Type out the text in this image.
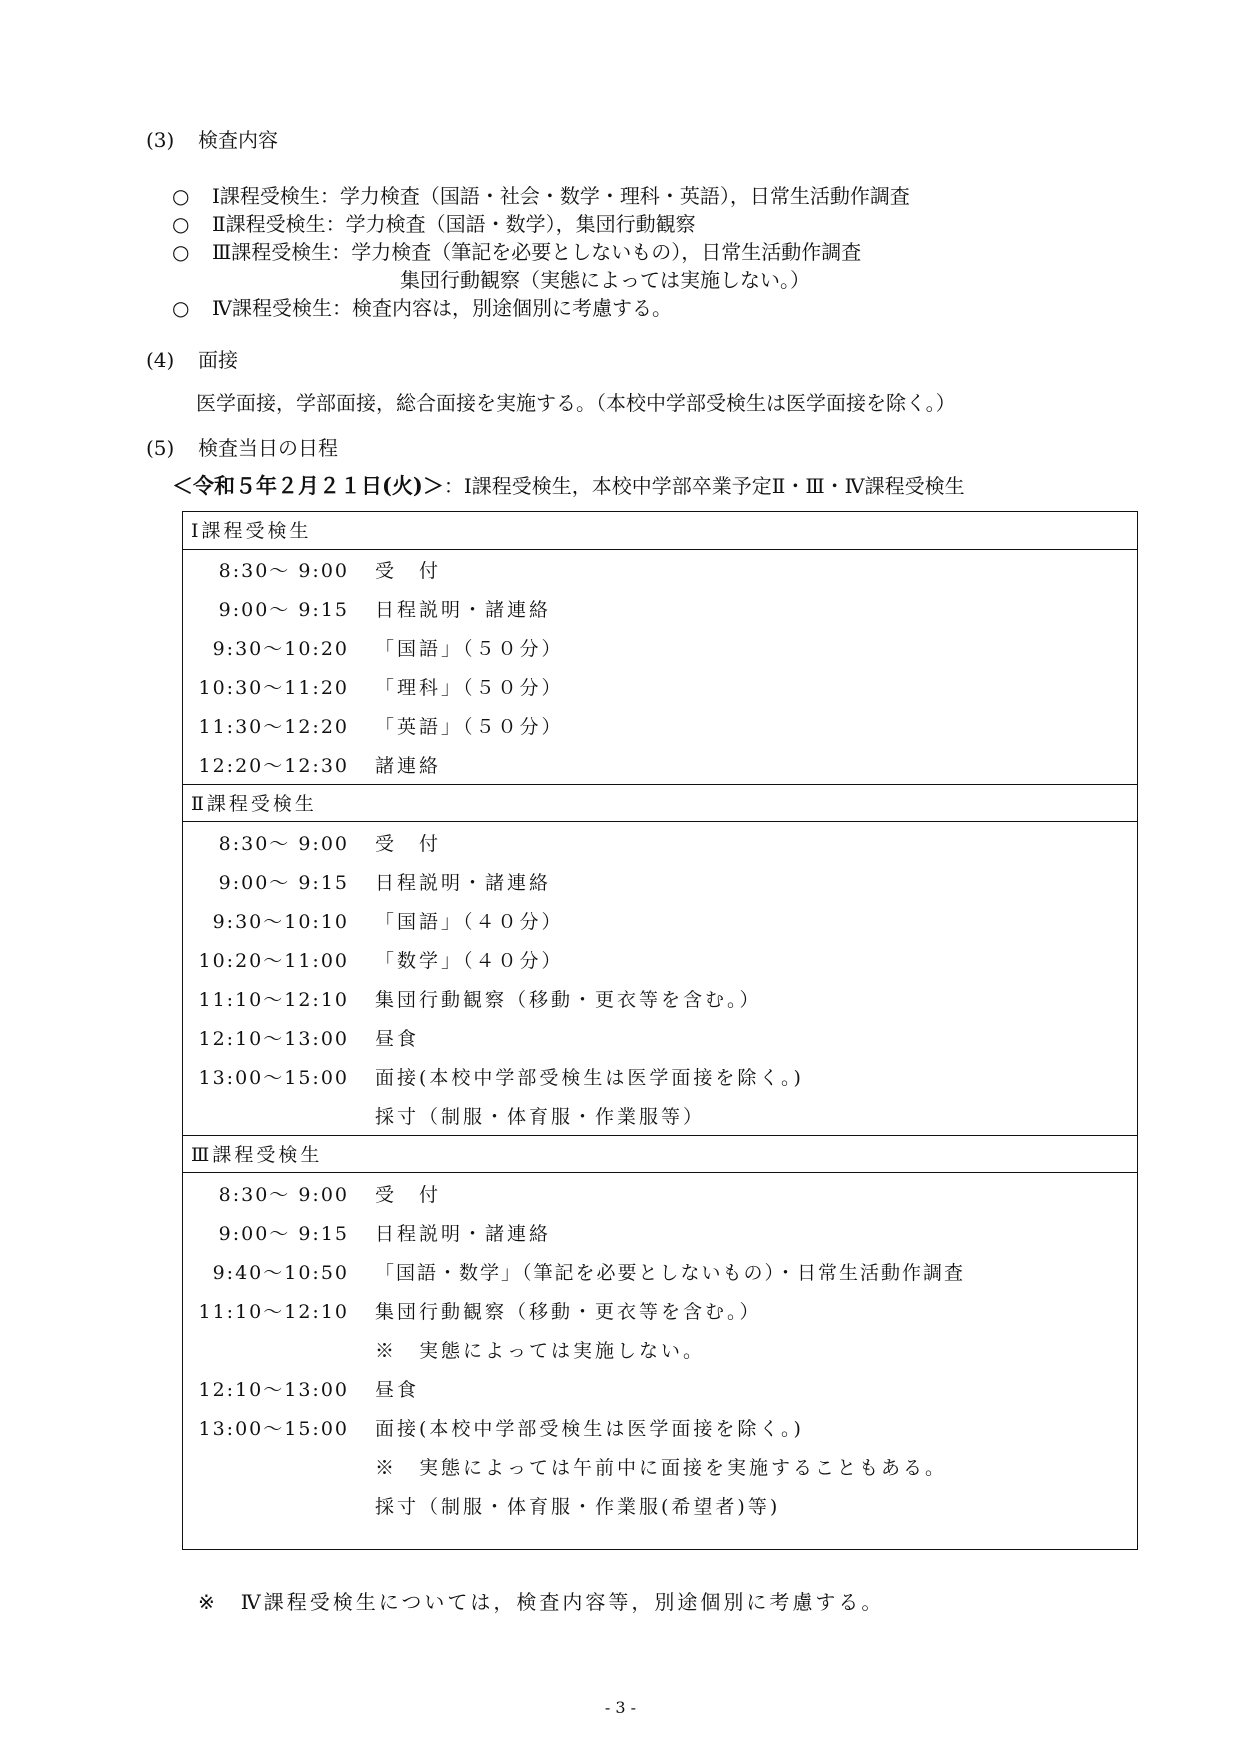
(3) 検査内容
○ Ⅰ課程受検生：学力検査（国語・社会・数学・理科・英語），日常生活動作調査
○ Ⅱ課程受検生：学力検査（国語・数学），集団行動観察
○ Ⅲ課程受検生：学力検査（筆記を必要としないもの），日常生活動作調査
集団行動観察（実態によっては実施しない。）
○ Ⅳ課程受検生：検査内容は，別途個別に考慮する。
(4) 面接
医学面接，学部面接，総合面接を実施する。（本校中学部受検生は医学面接を除く。）
(5) 検査当日の日程
＜令和５年２月２１日(火)＞：Ⅰ課程受検生，本校中学部卒業予定Ⅱ・Ⅲ・Ⅳ課程受検生
Ⅰ課程受検生
8:30～ 9:00 受　付
9:00～ 9:15 日程説明・諸連絡
9:30～10:20 「国語」（５０分）
10:30～11:20 「理科」（５０分）
11:30～12:20 「英語」（５０分）
12:20～12:30 諸連絡
Ⅱ課程受検生
8:30～ 9:00 受　付
9:00～ 9:15 日程説明・諸連絡
9:30～10:10 「国語」（４０分）
10:20～11:00 「数学」（４０分）
11:10～12:10 集団行動観察（移動・更衣等を含む。）
12:10～13:00 昼食
13:00～15:00 面接(本校中学部受検生は医学面接を除く。)
採寸（制服・体育服・作業服等）
Ⅲ課程受検生
8:30～ 9:00 受　付
9:00～ 9:15 日程説明・諸連絡
9:40～10:50 「国語・数学」（筆記を必要としないもの）・日常生活動作調査
11:10～12:10 集団行動観察（移動・更衣等を含む。）
※　実態によっては実施しない。
12:10～13:00 昼食
13:00～15:00 面接(本校中学部受検生は医学面接を除く。)
※　実態によっては午前中に面接を実施することもある。
採寸（制服・体育服・作業服(希望者)等)
※　Ⅳ課程受検生については，検査内容等，別途個別に考慮する。
- 3 -
